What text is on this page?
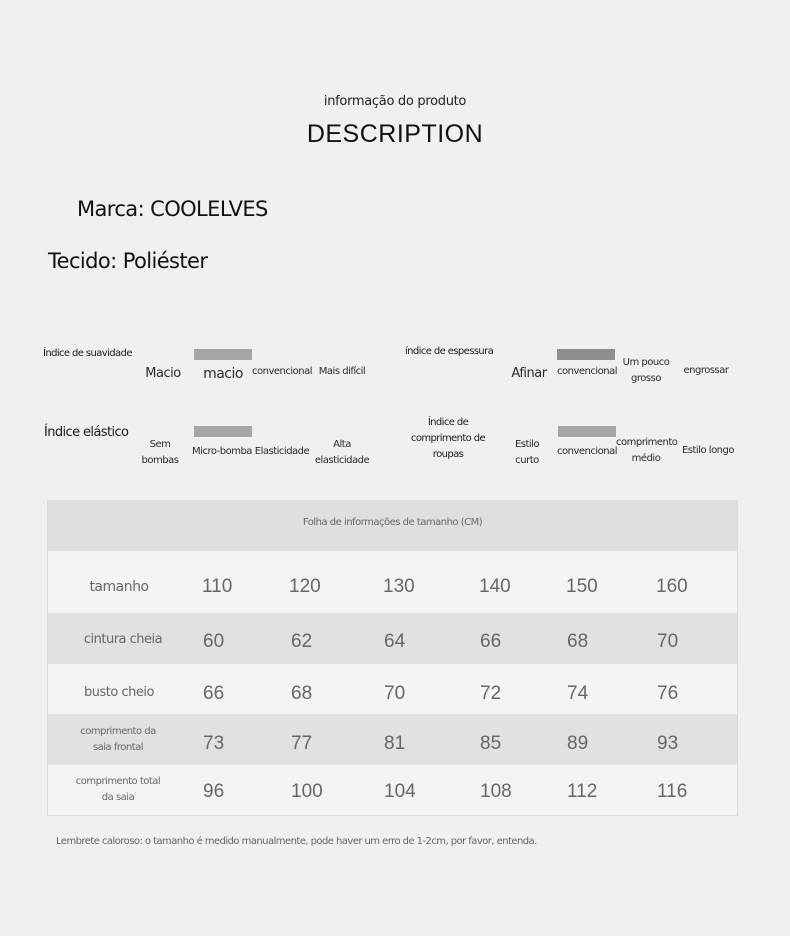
informação do produto
DESCRIPTION
Marca: COOLELVES
Tecido: Poliéster
Índice de suavidade
Macio	macio convencional Mais difícil
índice de espessura
Afinar	convencional
Um pouco grosso
engrossar
Índice elástico
Sem bombas
Micro-bomba Elasticidade
Alta elasticidade
Índice de comprimento de roupas
Estilo curto
convencional
comprimento médio
Estilo longo
Folha de informações de tamanho (CM)
tamanho	110	120	130	140	150	160
cintura cheia	60	62	64	66	68	70
busto cheio	66	68	70	72	74	76
comprimento da saia frontal	73	77	81	85	89	93
comprimento total da saia	96	100	104	108	112	116
Lembrete caloroso: o tamanho é medido manualmente, pode haver um erro de 1-2cm, por favor, entenda.
